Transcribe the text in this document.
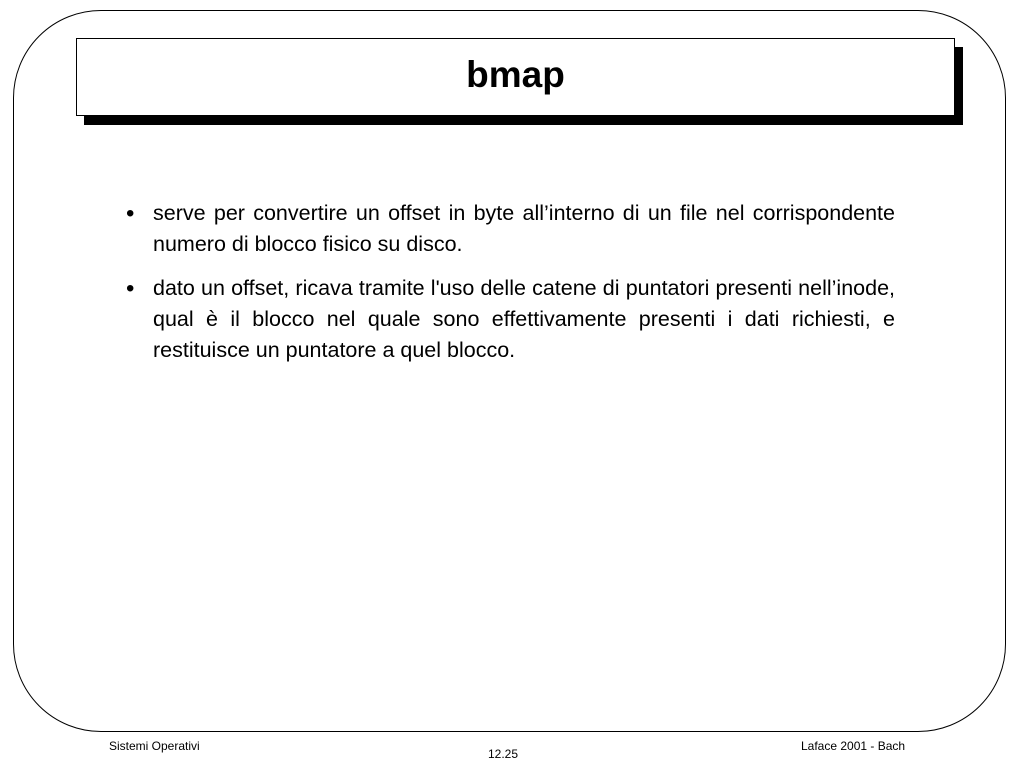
bmap
• serve per convertire un offset in byte all’interno di un file nel corrispondente numero di blocco fisico su disco.
• dato un offset, ricava tramite l'uso delle catene di puntatori presenti nell’inode, qual è il blocco nel quale sono effettivamente presenti i dati richiesti, e restituisce un puntatore a quel blocco.
Sistemi Operativi
12.25
Laface 2001 - Bach
